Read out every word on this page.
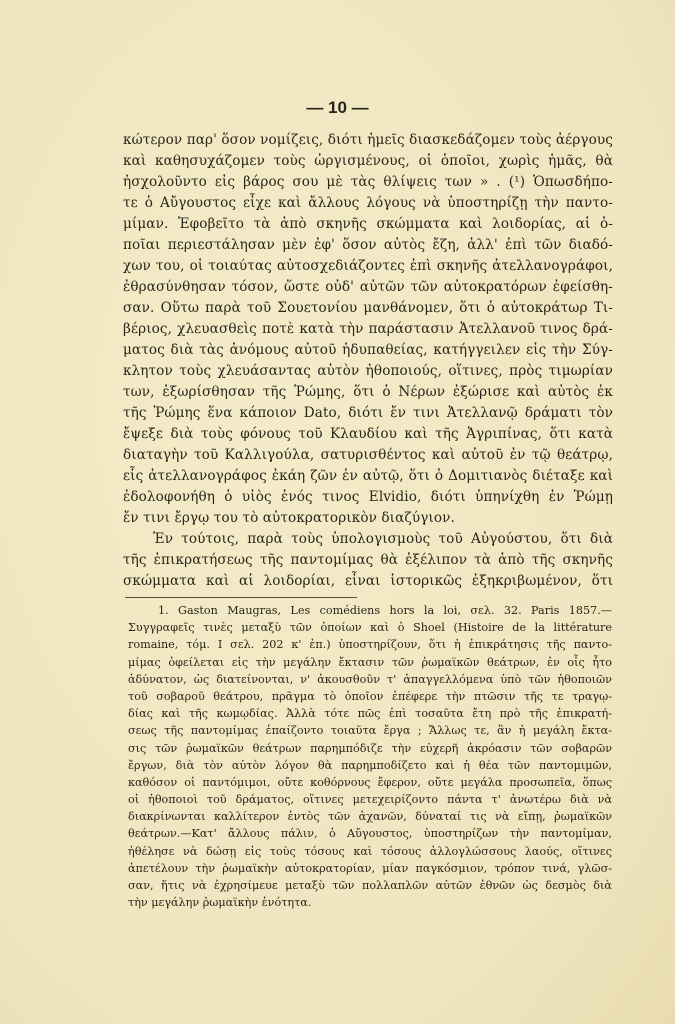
— 10 —
κώτερον παρ' ὅσον νομίζεις, διότι ἡμεῖς διασκεδάζομεν τοὺς ἀέργους
καὶ καθησυχάζομεν τοὺς ὠργισμένους, οἱ ὁποῖοι, χωρὶς ἡμᾶς, θὰ
ἠσχολοῦντο εἰς βάρος σου μὲ τὰς θλίψεις των » . (¹) Ὁπωσδήπο-
τε ὁ Αὔγουστος εἶχε καὶ ἄλλους λόγους νὰ ὑποστηρίζῃ τὴν παντο-
μίμαν. Ἐφοβεῖτο τὰ ἀπὸ σκηνῆς σκώμματα καὶ λοιδορίας, αἱ ὁ-
ποῖαι περιεστάλησαν μὲν ἐφ' ὅσον αὐτὸς ἔζη, ἀλλ' ἐπὶ τῶν διαδό-
χων του, οἱ τοιαύτας αὐτοσχεδιάζοντες ἐπὶ σκηνῆς ἀτελλανογράφοι,
ἐθρασύνθησαν τόσον, ὥστε οὐδ' αὐτῶν τῶν αὐτοκρατόρων ἐφείσθη-
σαν. Οὕτω παρὰ τοῦ Σουετονίου μανθάνομεν, ὅτι ὁ αὐτοκράτωρ Τι-
βέριος, χλευασθεὶς ποτὲ κατὰ τὴν παράστασιν Ἀτελλανοῦ τινος δρά-
ματος διὰ τὰς ἀνόμους αὐτοῦ ἡδυπαθείας, κατήγγειλεν εἰς τὴν Σύγ-
κλητον τοὺς χλευάσαντας αὐτὸν ἠθοποιούς, οἵτινες, πρὸς τιμωρίαν
των, ἐξωρίσθησαν τῆς Ῥώμης, ὅτι ὁ Νέρων ἐξώρισε καὶ αὐτὸς ἐκ
τῆς Ῥώμης ἕνα κάποιον Dato, διότι ἔν τινι Ἀτελλανῷ δράματι τὸν
ἔψεξε διὰ τοὺς φόνους τοῦ Κλαυδίου καὶ τῆς Ἀγριπίνας, ὅτι κατὰ
διαταγὴν τοῦ Καλλιγούλα, σατυρισθέντος καὶ αὐτοῦ ἐν τῷ θεάτρῳ,
εἷς ἀτελλανογράφος ἐκάη ζῶν ἐν αὐτῷ, ὅτι ὁ Δομιτιανὸς διέταξε καὶ
ἐδολοφονήθη ὁ υἱὸς ἑνός τινος Elvidio, διότι ὑπηνίχθη ἐν Ῥώμῃ
ἔν τινι ἔργῳ του τὸ αὐτοκρατορικὸν διαζύγιον.
Ἐν τούτοις, παρὰ τοὺς ὑπολογισμοὺς τοῦ Αὐγούστου, ὅτι διὰ
τῆς ἐπικρατήσεως τῆς παντομίμας θὰ ἐξέλιπον τὰ ἀπὸ τῆς σκηνῆς
σκώμματα καὶ αἱ λοιδορίαι, εἶναι ἱστορικῶς ἐξηκριβωμένον, ὅτι
1. Gaston Maugras, Les comédiens hors la loi, σελ. 32. Paris 1857.—
Συγγραφεῖς τινὲς μεταξὺ τῶν ὁποίων καὶ ὁ Shoel (Histoire de la littérature
romaine, τόμ. I σελ. 202 κ' ἑπ.) ὑποστηρίζουν, ὅτι ἡ ἐπικράτησις τῆς παντο-
μίμας ὀφείλεται εἰς τὴν μεγάλην ἔκτασιν τῶν ῥωμαϊκῶν θεάτρων, ἐν οἷς ἦτο
ἀδύνατον, ὡς διατείνονται, ν' ἀκουσθοῦν τ' ἀπαγγελλόμενα ὑπὸ τῶν ἠθοποιῶν
τοῦ σοβαροῦ θεάτρου, πρᾶγμα τὸ ὁποῖον ἐπέφερε τὴν πτῶσιν τῆς τε τραγῳ-
δίας καὶ τῆς κωμῳδίας. Ἀλλὰ τότε πῶς ἐπὶ τοσαῦτα ἔτη πρὸ τῆς ἐπικρατή-
σεως τῆς παντομίμας ἐπαίζοντο τοιαῦτα ἔργα ; Ἄλλως τε, ἂν ἡ μεγάλη ἔκτα-
σις τῶν ῥωμαϊκῶν θεάτρων παρημπόδιζε τὴν εὐχερῆ ἀκρόασιν τῶν σοβαρῶν
ἔργων, διὰ τὸν αὐτὸν λόγον θὰ παρημποδίζετο καὶ ἡ θέα τῶν παντομιμῶν,
καθόσον οἱ παντόμιμοι, οὔτε κοθόρνους ἔφερον, οὔτε μεγάλα προσωπεῖα, ὅπως
οἱ ἠθοποιοὶ τοῦ δράματος, οἵτινες μετεχειρίζοντο πάντα τ' ἀνωτέρω διὰ νὰ
διακρίνωνται καλλίτερον ἐντὸς τῶν ἀχανῶν, δύναταί τις νὰ εἴπῃ, ῥωμαϊκῶν
θεάτρων.—Κατ' ἄλλους πάλιν, ὁ Αὔγουστος, ὑποστηρίζων τὴν παντομίμαν,
ἠθέλησε νὰ δώσῃ εἰς τοὺς τόσους καὶ τόσους ἀλλογλώσσους λαούς, οἵτινες
ἀπετέλουν τὴν ῥωμαϊκὴν αὐτοκρατορίαν, μίαν παγκόσμιον, τρόπον τινά, γλῶσ-
σαν, ἥτις νὰ ἐχρησίμευε μεταξὺ τῶν πολλαπλῶν αὐτῶν ἐθνῶν ὡς δεσμὸς διὰ
τὴν μεγάλην ῥωμαϊκὴν ἑνότητα.
